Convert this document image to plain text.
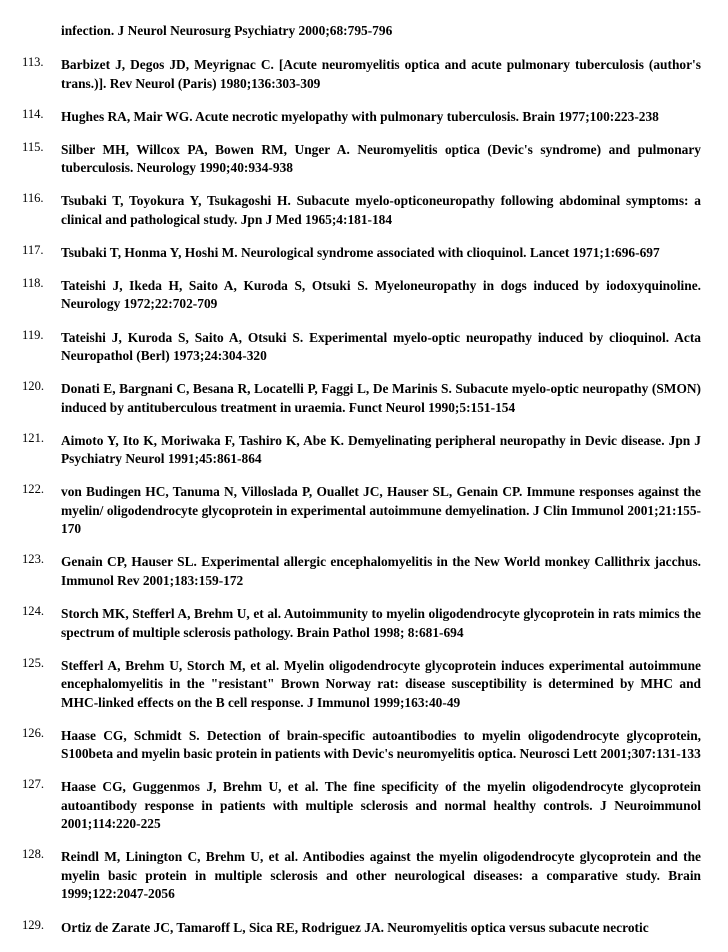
infection. J Neurol Neurosurg Psychiatry 2000;68:795-796
113.	Barbizet J, Degos JD, Meyrignac C. [Acute neuromyelitis optica and acute pulmonary tuberculosis (author's trans.)]. Rev Neurol (Paris) 1980;136:303-309
114.	Hughes RA, Mair WG. Acute necrotic myelopathy with pulmonary tuberculosis. Brain 1977;100:223-238
115.	Silber MH, Willcox PA, Bowen RM, Unger A. Neuromyelitis optica (Devic's syndrome) and pulmonary tuberculosis. Neurology 1990;40:934-938
116.	Tsubaki T, Toyokura Y, Tsukagoshi H. Subacute myelo-opticoneuropathy following abdominal symptoms: a clinical and pathological study. Jpn J Med 1965;4:181-184
117.	Tsubaki T, Honma Y, Hoshi M. Neurological syndrome associated with clioquinol. Lancet 1971;1:696-697
118.	Tateishi J, Ikeda H, Saito A, Kuroda S, Otsuki S. Myeloneuropathy in dogs induced by iodoxyquinoline. Neurology 1972;22:702-709
119.	Tateishi J, Kuroda S, Saito A, Otsuki S. Experimental myelo-optic neuropathy induced by clioquinol. Acta Neuropathol (Berl) 1973;24:304-320
120.	Donati E, Bargnani C, Besana R, Locatelli P, Faggi L, De Marinis S. Subacute myelo-optic neuropathy (SMON) induced by antituberculous treatment in uraemia. Funct Neurol 1990;5:151-154
121.	Aimoto Y, Ito K, Moriwaka F, Tashiro K, Abe K. Demyelinating peripheral neuropathy in Devic disease. Jpn J Psychiatry Neurol 1991;45:861-864
122.	von Budingen HC, Tanuma N, Villoslada P, Ouallet JC, Hauser SL, Genain CP. Immune responses against the myelin/ oligodendrocyte glycoprotein in experimental autoimmune demyelination. J Clin Immunol 2001;21:155-170
123.	Genain CP, Hauser SL. Experimental allergic encephalomyelitis in the New World monkey Callithrix jacchus. Immunol Rev 2001;183:159-172
124.	Storch MK, Stefferl A, Brehm U, et al. Autoimmunity to myelin oligodendrocyte glycoprotein in rats mimics the spectrum of multiple sclerosis pathology. Brain Pathol 1998; 8:681-694
125.	Stefferl A, Brehm U, Storch M, et al. Myelin oligodendrocyte glycoprotein induces experimental autoimmune encephalomyelitis in the "resistant" Brown Norway rat: disease susceptibility is determined by MHC and MHC-linked effects on the B cell response. J Immunol 1999;163:40-49
126.	Haase CG, Schmidt S. Detection of brain-specific autoantibodies to myelin oligodendrocyte glycoprotein, S100beta and myelin basic protein in patients with Devic's neuromyelitis optica. Neurosci Lett 2001;307:131-133
127.	Haase CG, Guggenmos J, Brehm U, et al. The fine specificity of the myelin oligodendrocyte glycoprotein autoantibody response in patients with multiple sclerosis and normal healthy controls. J Neuroimmunol 2001;114:220-225
128.	Reindl M, Linington C, Brehm U, et al. Antibodies against the myelin oligodendrocyte glycoprotein and the myelin basic protein in multiple sclerosis and other neurological diseases: a comparative study. Brain 1999;122:2047-2056
129.	Ortiz de Zarate JC, Tamaroff L, Sica RE, Rodriguez JA. Neuromyelitis optica versus subacute necrotic
